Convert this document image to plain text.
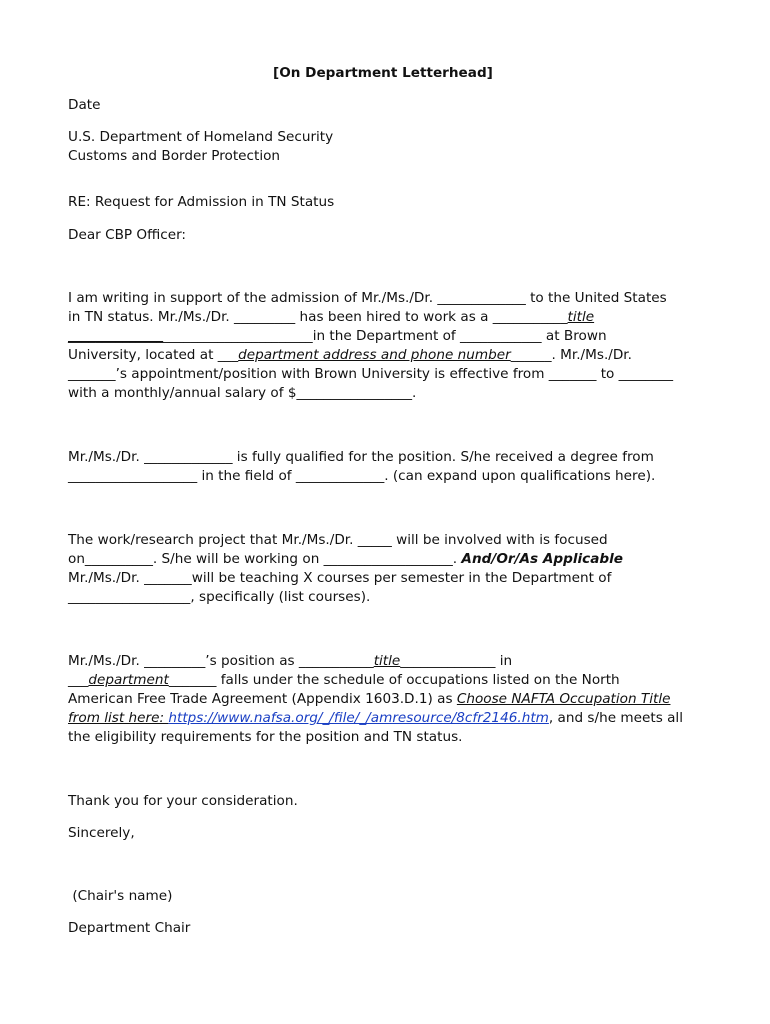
[On Department Letterhead]
Date
U.S. Department of Homeland Security
Customs and Border Protection
RE: Request for Admission in TN Status
Dear CBP Officer:
I am writing in support of the admission of Mr./Ms./Dr. _____________ to the United States
in TN status. Mr./Ms./Dr. _________ has been hired to work as a ___________title
____________________________________in the Department of ____________ at Brown
University, located at ___department address and phone number______. Mr./Ms./Dr.
_______’s appointment/position with Brown University is effective from _______ to ________
with a monthly/annual salary of $_________________.
Mr./Ms./Dr. _____________ is fully qualified for the position. S/he received a degree from
___________________ in the field of _____________. (can expand upon qualifications here).
The work/research project that Mr./Ms./Dr. _____ will be involved with is focused
on__________. S/he will be working on ___________________. And/Or/As Applicable
Mr./Ms./Dr. _______will be teaching X courses per semester in the Department of
__________________, specifically (list courses).
Mr./Ms./Dr. _________’s position as ___________title______________ in
___department_______ falls under the schedule of occupations listed on the North
American Free Trade Agreement (Appendix 1603.D.1) as Choose NAFTA Occupation Title
from list here: https://www.nafsa.org/_/file/_/amresource/8cfr2146.htm, and s/he meets all
the eligibility requirements for the position and TN status.
Thank you for your consideration.
Sincerely,
(Chair's name)
Department Chair
